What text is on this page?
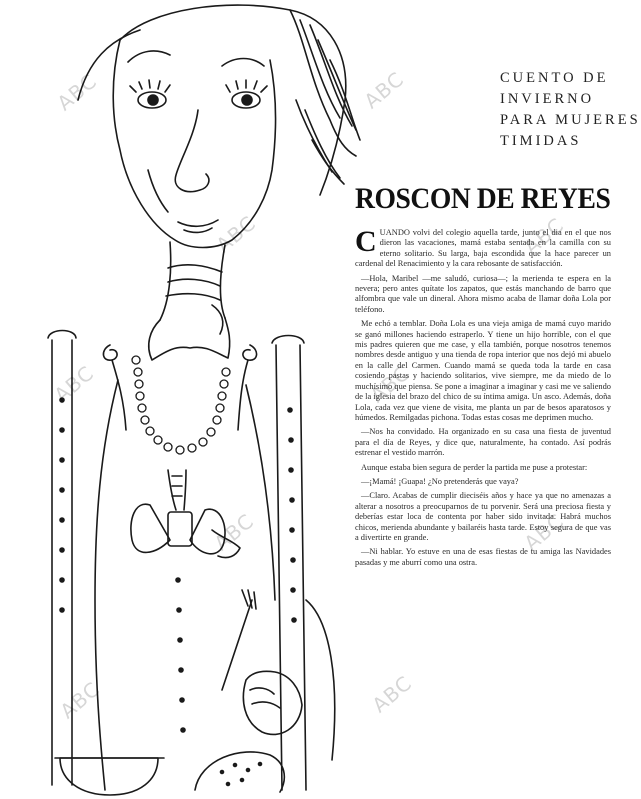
ABC
ABC
ABC
ABC
ABC
ABC
ABC	ABC
ABC	ABC
CUENTO DE
INVIERNO
PARA MUJERES
TIMIDAS
ROSCON DE REYES

CUANDO volvi del colegio aquella tarde, junto el dia en el que nos dieron las vacaciones, mamá estaba sentada en la camilla con su eterno solitario. Su larga, baja escondida que la hace parecer un cardenal del Renacimiento y la cara rebosante de satisfacción.

—Hola, Maribel —me saludó, curiosa—; la merienda te espera en la nevera; pero antes quítate los zapatos, que estás manchando de barro que alfombra que vale un dineral. Ahora mismo acaba de llamar doña Lola por teléfono.

Me echó a temblar. Doña Lola es una vieja amiga de mamá cuyo marido se ganó millones haciendo estraperlo. Y tiene un hijo horrible, con el que mis padres quieren que me case, y ella también, porque nosotros tenemos nombres desde antiguo y una tienda de ropa interior que nos dejó mi abuelo en la calle del Carmen. Cuando mamá se queda toda la tarde en casa cosiendo pastas y haciendo solitarios, vive siempre, me da miedo de lo muchísimo que piensa. Se pone a imaginar a imaginar y casi me ve saliendo de la iglesia del brazo del chico de su íntima amiga. Un asco. Además, doña Lola, cada vez que viene de visita, me planta un par de besos aparatosos y húmedos. Remilgadas pichona. Todas estas cosas me deprimen mucho.

—Nos ha convidado. Ha organizado en su casa una fiesta de juventud para el día de Reyes, y dice que, naturalmente, ha contado. Así podrás estrenar el vestido marrón.

Aunque estaba bien segura de perder la partida me puse a protestar:

—¡Mamá! ¡Guapa! ¿No pretenderás que vaya?

—Claro. Acabas de cumplir dieciséis años y hace ya que no amenazas a alterar a nosotros a preocuparnos de tu porvenir. Será una preciosa fiesta y deberías estar loca de contenta por haber sido invitada. Habrá muchos chicos, merienda abundante y bailaréis hasta tarde. Estoy segura de que vas a divertirte en grande.

—Ni hablar. Yo estuve en una de esas fiestas de tu amiga las Navidades pasadas y me aburrí como una ostra.
